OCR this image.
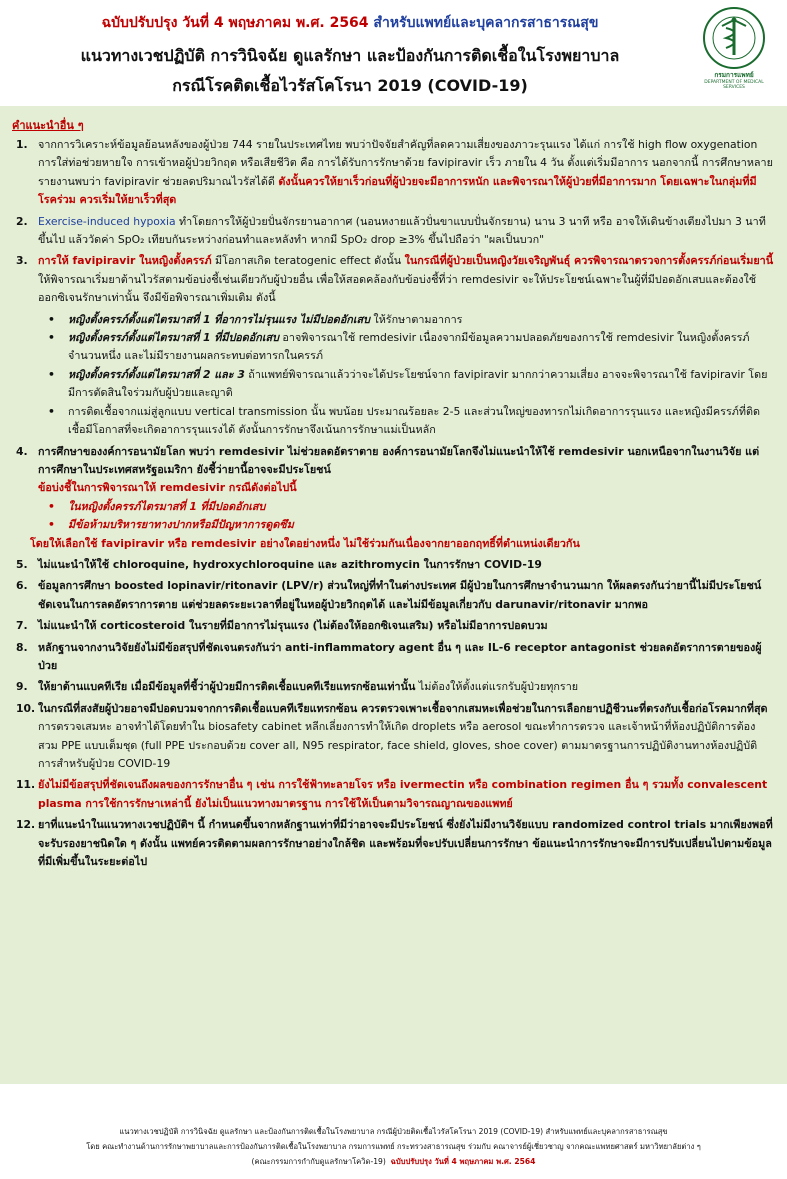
ฉบับปรับปรุง วันที่ 4 พฤษภาคม พ.ศ. 2564 สำหรับแพทย์และบุคลากรสาธารณสุข
แนวทางเวชปฏิบัติ การวินิจฉัย ดูแลรักษา และป้องกันการติดเชื้อในโรงพยาบาล
กรณีโรคติดเชื้อไวรัสโคโรนา 2019 (COVID-19)
กรมการแพทย์
DEPARTMENT OF MEDICAL SERVICES
คำแนะนำอื่น ๆ
1. จากการวิเคราะห์ข้อมูลย้อนหลังของผู้ป่วย 744 รายในประเทศไทย พบว่าปัจจัยสำคัญที่ลดความเสี่ยงของภาวะรุนแรง ได้แก่ การใช้ high flow oxygenation การใส่ท่อช่วยหายใจ การเข้าหอผู้ป่วยวิกฤต หรือเสียชีวิต คือ การได้รับการรักษาด้วย favipiravir เร็ว ภายใน 4 วัน ตั้งแต่เริ่มมีอาการ นอกจากนี้ การศึกษาหลายรายงานพบว่า favipiravir ช่วยลดปริมาณไวรัสได้ดี ดังนั้นควรให้ยาเร็วก่อนที่ผู้ป่วยจะมีอาการหนัก และพิจารณาให้ผู้ป่วยที่มีอาการมาก โดยเฉพาะในกลุ่มที่มีโรคร่วม ควรเริ่มให้ยาเร็วที่สุด
2. Exercise-induced hypoxia ทำโดยการให้ผู้ป่วยปั่นจักรยานอากาศ (นอนหงายแล้วปั่นขาแบบปั่นจักรยาน) นาน 3 นาที หรือ อาจให้เดินข้างเตียงไปมา 3 นาที ขึ้นไป แล้ววัดค่า SpO₂ เทียบกันระหว่างก่อนทำและหลังทำ หากมี SpO₂ drop ≥3% ขึ้นไปถือว่า "ผลเป็นบวก"
3. การให้ favipiravir ในหญิงตั้งครรภ์ มีโอกาสเกิด teratogenic effect ดังนั้น ในกรณีที่ผู้ป่วยเป็นหญิงวัยเจริญพันธุ์ ควรพิจารณาตรวจการตั้งครรภ์ก่อนเริ่มยานี้ ให้พิจารณาเริ่มยาต้านไวรัสตามข้อบ่งชี้เช่นเดียวกับผู้ป่วยอื่น เพื่อให้สอดคล้องกับข้อบ่งชี้ที่ว่า remdesivir จะให้ประโยชน์เฉพาะในผู้ที่มีปอดอักเสบและต้องใช้ออกซิเจนรักษาเท่านั้น จึงมีข้อพิจารณาเพิ่มเติม ดังนี้
• หญิงตั้งครรภ์ตั้งแต่ไตรมาสที่ 1 ที่อาการไม่รุนแรง ไม่มีปอดอักเสบ ให้รักษาตามอาการ
• หญิงตั้งครรภ์ตั้งแต่ไตรมาสที่ 1 ที่มีปอดอักเสบ อาจพิจารณาใช้ remdesivir เนื่องจากมีข้อมูลความปลอดภัยของการใช้ remdesivir ในหญิงตั้งครรภ์จำนวนหนึ่ง และไม่มีรายงานผลกระทบต่อทารกในครรภ์
• หญิงตั้งครรภ์ตั้งแต่ไตรมาสที่ 2 และ 3 ถ้าแพทย์พิจารณาแล้วว่าจะได้ประโยชน์จาก favipiravir มากกว่าความเสี่ยง อาจจะพิจารณาใช้ favipiravir โดยมีการตัดสินใจร่วมกับผู้ป่วยและญาติ
• การติดเชื้อจากแม่สู่ลูกแบบ vertical transmission นั้น พบน้อย ประมาณร้อยละ 2-5 และส่วนใหญ่ของทารกไม่เกิดอาการรุนแรง และหญิงมีครรภ์ที่ติดเชื้อมีโอกาสที่จะเกิดอาการรุนแรงได้ ดังนั้นการรักษาจึงเน้นการรักษาแม่เป็นหลัก
4. การศึกษาของงค์การอนามัยโลก พบว่า remdesivir ไม่ช่วยลดอัตราตาย องค์การอนามัยโลกจึงไม่แนะนำให้ใช้ remdesivir นอกเหนือจากในงานวิจัย แต่การศึกษาในประเทศสหรัฐอเมริกา ยังชี้ว่ายานี้อาจจะมีประโยชน์
ข้อบ่งชี้ในการพิจารณาให้ remdesivir กรณีดังต่อไปนี้
• ในหญิงตั้งครรภ์ไตรมาสที่ 1 ที่มีปอดอักเสบ
• มีข้อห้ามบริหารยาทางปากหรือมีปัญหาการดูดซึม
โดยให้เลือกใช้ favipiravir หรือ remdesivir อย่างใดอย่างหนึ่ง ไม่ใช้ร่วมกันเนื่องจากยาออกฤทธิ์ที่ตำแหน่งเดียวกัน
5. ไม่แนะนำให้ใช้ chloroquine, hydroxychloroquine และ azithromycin ในการรักษา COVID-19
6. ข้อมูลการศึกษา boosted lopinavir/ritonavir (LPV/r) ส่วนใหญ่ที่ทำในต่างประเทศ มีผู้ป่วยในการศึกษาจำนวนมาก ให้ผลตรงกันว่ายานี้ไม่มีประโยชน์ชัดเจนในการลดอัตราการตาย แต่ช่วยลดระยะเวลาที่อยู่ในหอผู้ป่วยวิกฤตได้ และไม่มีข้อมูลเกี่ยวกับ darunavir/ritonavir มากพอ
7. ไม่แนะนำให้ corticosteroid ในรายที่มีอาการไม่รุนแรง (ไม่ต้องให้ออกซิเจนเสริม) หรือไม่มีอาการปอดบวม
8. หลักฐานจากงานวิจัยยังไม่มีข้อสรุปที่ชัดเจนตรงกันว่า anti-inflammatory agent อื่น ๆ และ IL-6 receptor antagonist ช่วยลดอัตราการตายของผู้ป่วย
9. ให้ยาต้านแบคทีเรีย เมื่อมีข้อมูลที่ชี้ว่าผู้ป่วยมีการติดเชื้อแบคทีเรียแทรกซ้อนเท่านั้น ไม่ต้องให้ตั้งแต่แรกรับผู้ป่วยทุกราย
10. ในกรณีที่สงสัยผู้ป่วยอาจมีปอดบวมจากการติดเชื้อแบคทีเรียแทรกซ้อน ควรตรวจเพาะเชื้อจากเสมหะเพื่อช่วยในการเลือกยาปฏิชีวนะที่ตรงกับเชื้อก่อโรคมากที่สุด การตรวจเสมหะ อาจทำได้โดยทำใน biosafety cabinet หลีกเลี่ยงการทำให้เกิด droplets หรือ aerosol ขณะทำการตรวจ และเจ้าหน้าที่ห้องปฏิบัติการต้องสวม PPE แบบเต็มชุด (full PPE ประกอบด้วย cover all, N95 respirator, face shield, gloves, shoe cover) ตามมาตรฐานการปฏิบัติงานทางห้องปฏิบัติการสำหรับผู้ป่วย COVID-19
11. ยังไม่มีข้อสรุปที่ชัดเจนถึงผลของการรักษาอื่น ๆ เช่น การใช้ฟ้าทะลายโจร หรือ ivermectin หรือ combination regimen อื่น ๆ รวมทั้ง convalescent plasma การใช้การรักษาเหล่านี้ ยังไม่เป็นแนวทางมาตรฐาน การใช้ให้เป็นตามวิจารณญาณของแพทย์
12. ยาที่แนะนำในแนวทางเวชปฏิบัติฯ นี้ กำหนดขึ้นจากหลักฐานเท่าที่มีว่าอาจจะมีประโยชน์ ซึ่งยังไม่มีงานวิจัยแบบ randomized control trials มากเพียงพอที่จะรับรองยาชนิดใด ๆ ดังนั้น แพทย์ควรติดตามผลการรักษาอย่างใกล้ชิด และพร้อมที่จะปรับเปลี่ยนการรักษา ข้อแนะนำการรักษาจะมีการปรับเปลี่ยนไปตามข้อมูลที่มีเพิ่มขึ้นในระยะต่อไป
แนวทางเวชปฏิบัติ การวินิจฉัย ดูแลรักษา และป้องกันการติดเชื้อในโรงพยาบาล กรณีผู้ป่วยติดเชื้อไวรัสโคโรนา 2019 (COVID-19) สำหรับแพทย์และบุคลากรสาธารณสุข
โดย คณะทำงานด้านการรักษาพยาบาลและการป้องกันการติดเชื้อในโรงพยาบาล กรมการแพทย์ กระทรวงสาธารณสุข ร่วมกับ คณาจารย์ผู้เชี่ยวชาญ จากคณะแพทยศาสตร์ มหาวิทยาลัยต่าง ๆ
(คณะกรรมการกำกับดูแลรักษาโควิด-19) ฉบับปรับปรุง วันที่ 4 พฤษภาคม พ.ศ. 2564
